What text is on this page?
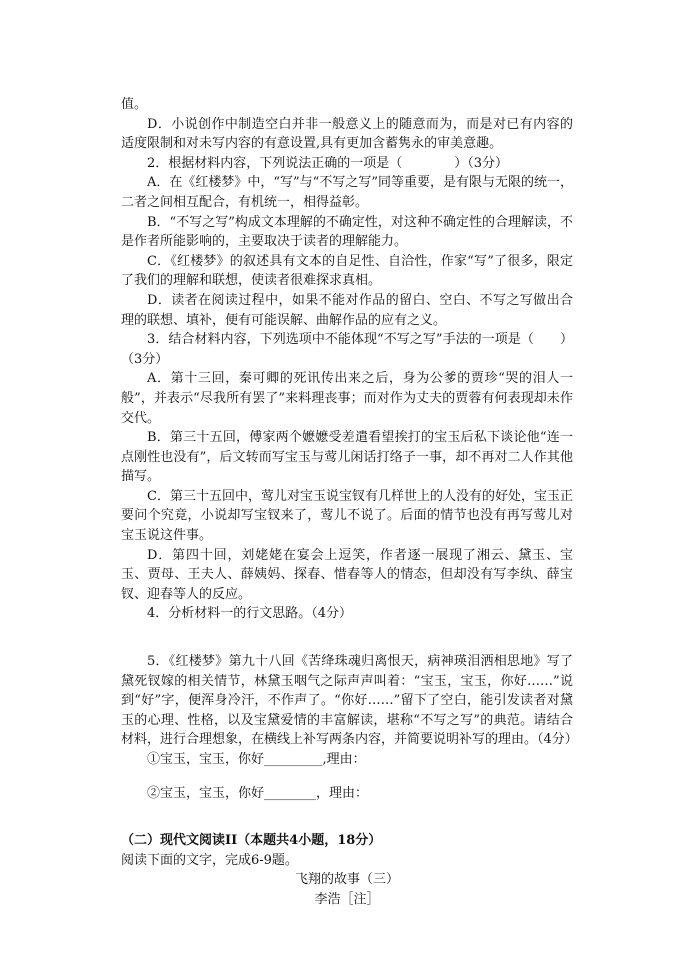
值。

D．小说创作中制造空白并非一般意义上的随意而为，而是对已有内容的适度限制和对未写内容的有意设置,具有更加含蓄隽永的审美意趣。

2．根据材料内容，下列说法正确的一项是（　　　　）（3分）

A．在《红楼梦》中，“写”与“不写之写”同等重要，是有限与无限的统一，二者之间相互配合，有机统一，相得益彰。

B．“不写之写”构成文本理解的不确定性，对这种不确定性的合理解读，不是作者所能影响的，主要取决于读者的理解能力。

C．《红楼梦》的叙述具有文本的自足性、自洽性，作家“写”了很多，限定了我们的理解和联想，使读者很难探求真相。

D．读者在阅读过程中，如果不能对作品的留白、空白、不写之写做出合理的联想、填补，便有可能误解、曲解作品的应有之义。

3．结合材料内容，下列选项中不能体现“不写之写”手法的一项是（　　）（3分）

A．第十三回，秦可卿的死讯传出来之后，身为公爹的贾珍“哭的泪人一般”，并表示“尽我所有罢了”来料理丧事；而对作为丈夫的贾蓉有何表现却未作交代。

B．第三十五回，傅家两个嬷嬷受差遣看望挨打的宝玉后私下谈论他“连一点刚性也没有”，后文转而写宝玉与莺儿闲话打络子一事，却不再对二人作其他描写。

C．第三十五回中，莺儿对宝玉说宝钗有几样世上的人没有的好处，宝玉正要问个究竟，小说却写宝钗来了，莺儿不说了。后面的情节也没有再写莺儿对宝玉说这件事。

D．第四十回，刘姥姥在宴会上逗笑，作者逐一展现了湘云、黛玉、宝玉、贾母、王夫人、薛姨妈、探春、惜春等人的情态，但却没有写李纨、薛宝钗、迎春等人的反应。

4．分析材料一的行文思路。（4分）

5．《红楼梦》第九十八回《苦绛珠魂归离恨天，病神瑛泪洒相思地》写了黛死钗嫁的相关情节，林黛玉咽气之际声声叫着：“宝玉，宝玉，你好……”说到“好”字，便浑身冷汗，不作声了。“你好……”留下了空白，能引发读者对黛玉的心理、性格，以及宝黛爱情的丰富解读，堪称“不写之写”的典范。请结合材料，进行合理想象，在横线上补写两条内容，并简要说明补写的理由。（4分）

①宝玉，宝玉，你好_________,理由：

②宝玉，宝玉，你好________，理由：

（二）现代文阅读II（本题共4小题，18分）

阅读下面的文字，完成6-9题。

飞翔的故事（三）

李浩［注］
